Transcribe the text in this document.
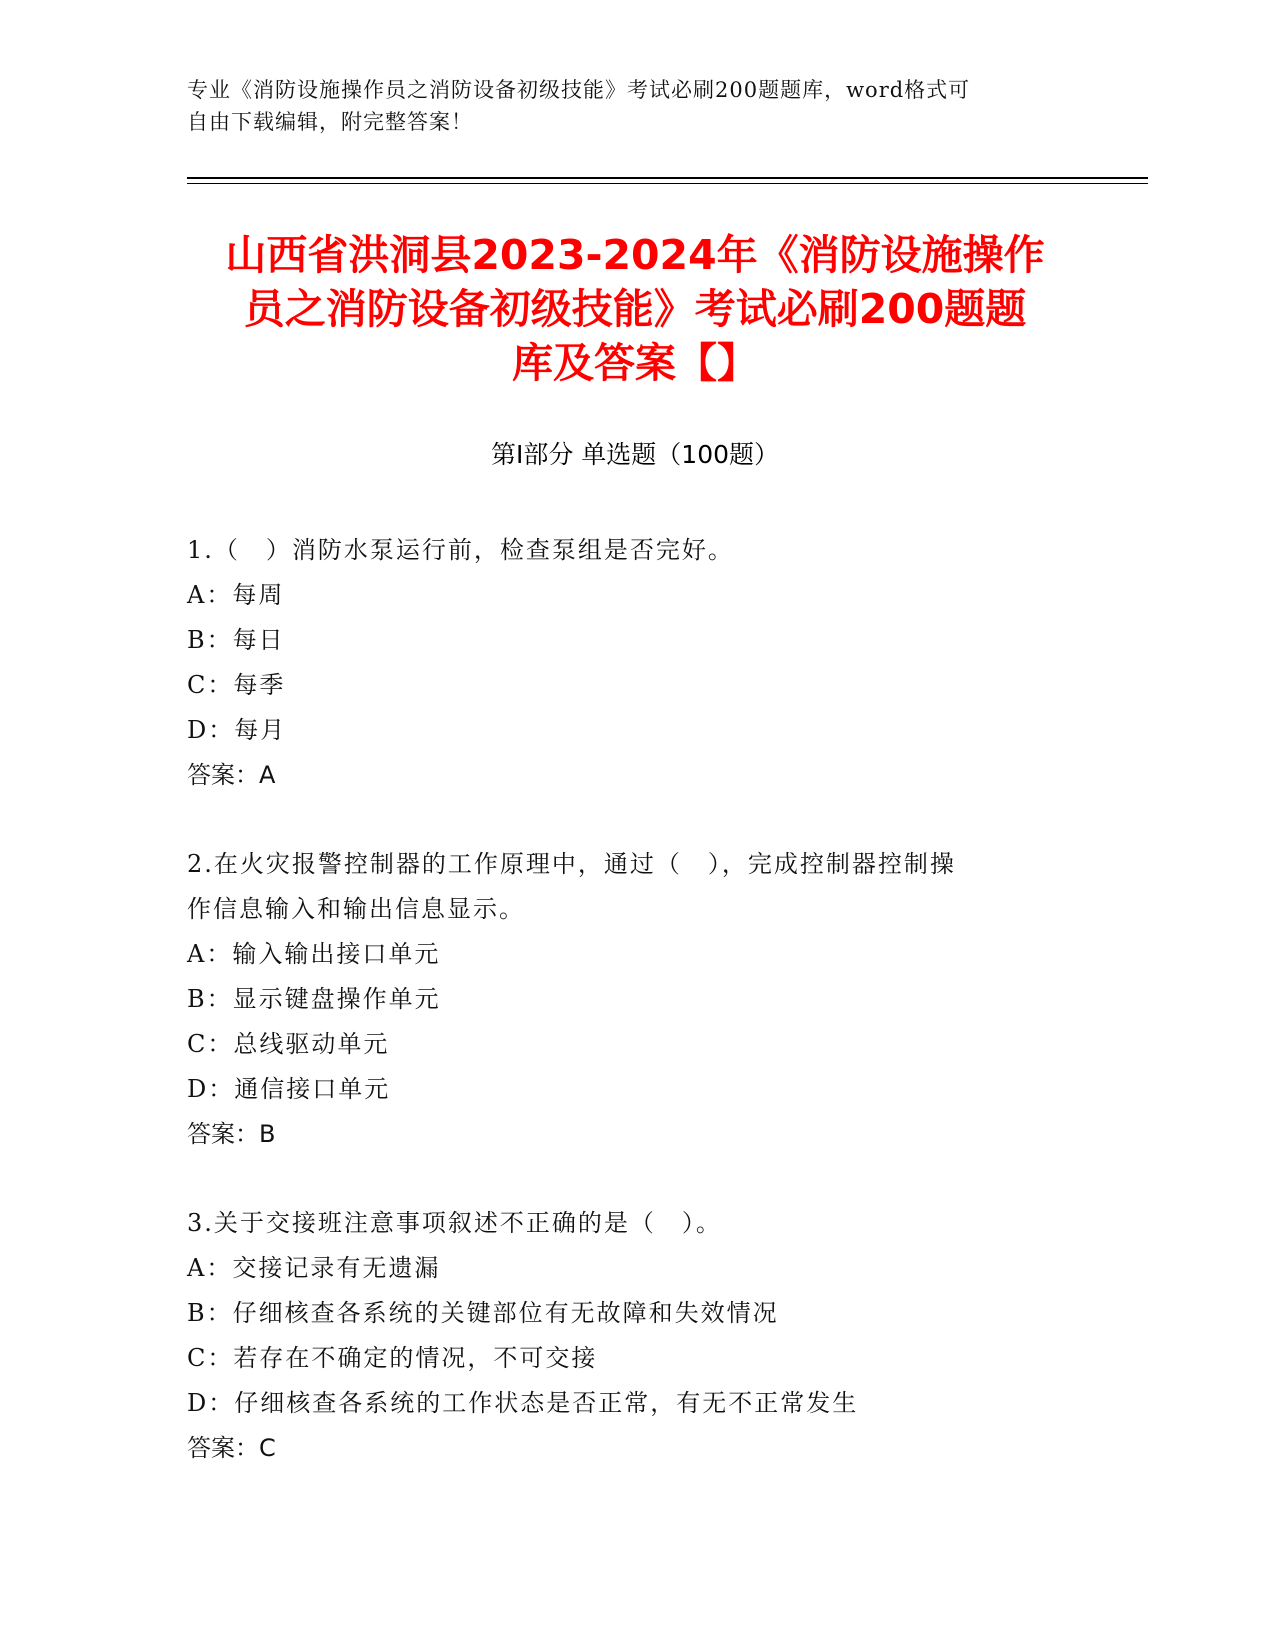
专业《消防设施操作员之消防设备初级技能》考试必刷200题题库，word格式可
自由下载编辑，附完整答案！
山西省洪洞县2023-2024年《消防设施操作
员之消防设备初级技能》考试必刷200题题
库及答案【】
第Ⅰ部分 单选题（100题）
1.（　）消防水泵运行前，检查泵组是否完好。
A：每周
B：每日
C：每季
D：每月
答案：A
2.在火灾报警控制器的工作原理中，通过（　），完成控制器控制操
作信息输入和输出信息显示。
A：输入输出接口单元
B：显示键盘操作单元
C：总线驱动单元
D：通信接口单元
答案：B
3.关于交接班注意事项叙述不正确的是（　）。
A：交接记录有无遗漏
B：仔细核查各系统的关键部位有无故障和失效情况
C：若存在不确定的情况，不可交接
D：仔细核查各系统的工作状态是否正常，有无不正常发生
答案：C
